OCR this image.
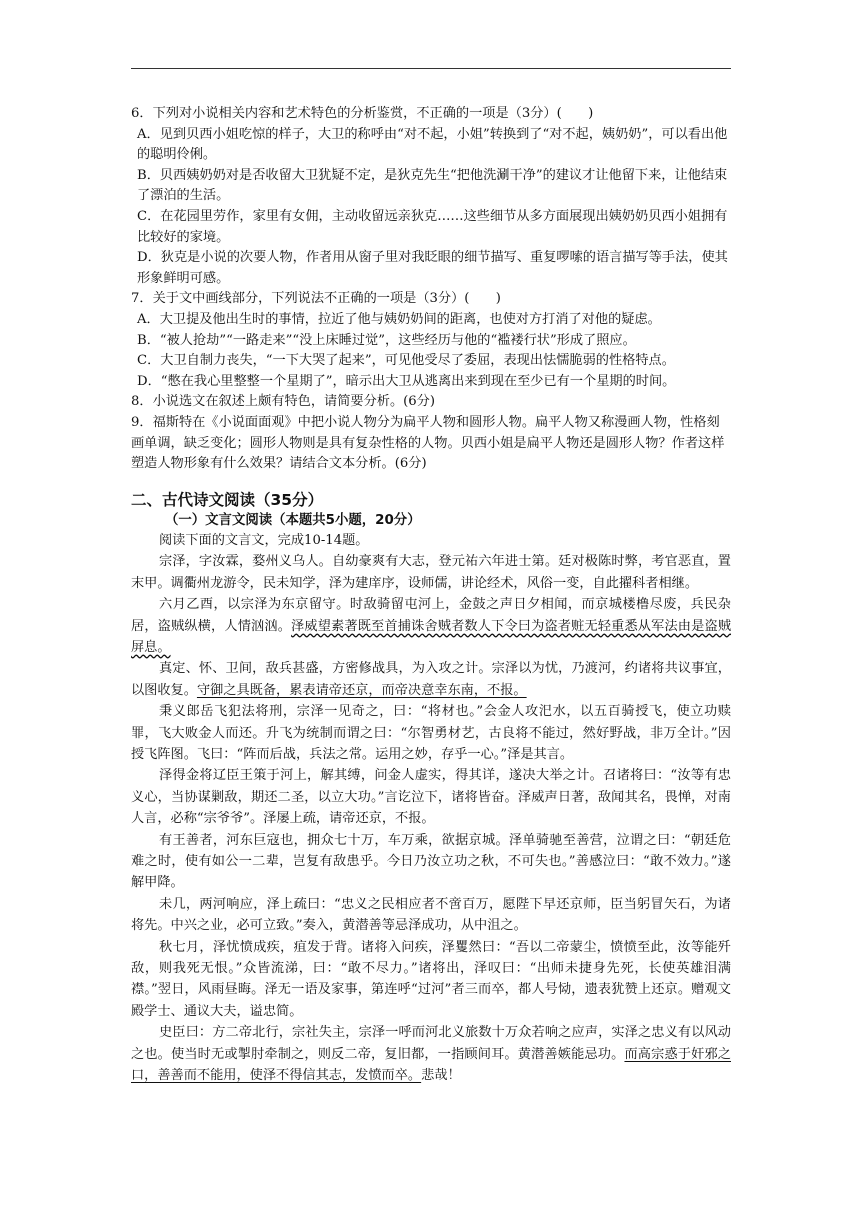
6．下列对小说相关内容和艺术特色的分析鉴赏，不正确的一项是（3分）(　　)

A．见到贝西小姐吃惊的样子，大卫的称呼由“对不起，小姐”转换到了“对不起，姨奶奶”，可以看出他的聪明伶俐。

B．贝西姨奶奶对是否收留大卫犹疑不定，是狄克先生“把他洗涮干净”的建议才让他留下来，让他结束了漂泊的生活。

C．在花园里劳作，家里有女佣，主动收留远亲狄克……这些细节从多方面展现出姨奶奶贝西小姐拥有比较好的家境。

D．狄克是小说的次要人物，作者用从窗子里对我眨眼的细节描写、重复啰嗦的语言描写等手法，使其形象鲜明可感。

7．关于文中画线部分，下列说法不正确的一项是（3分）(　　)

A．大卫提及他出生时的事情，拉近了他与姨奶奶间的距离，也使对方打消了对他的疑虑。

B．“被人抢劫”“一路走来”“没上床睡过觉”，这些经历与他的“褴褛行状”形成了照应。

C．大卫自制力丧失，“一下大哭了起来”，可见他受尽了委屈，表现出怯懦脆弱的性格特点。

D．“憋在我心里整整一个星期了”，暗示出大卫从逃离出来到现在至少已有一个星期的时间。

8．小说选文在叙述上颇有特色，请简要分析。(6分)

9．福斯特在《小说面面观》中把小说人物分为扁平人物和圆形人物。扁平人物又称漫画人物，性格刻画单调，缺乏变化；圆形人物则是具有复杂性格的人物。贝西小姐是扁平人物还是圆形人物？作者这样塑造人物形象有什么效果？请结合文本分析。(6分)

二、古代诗文阅读（35分）

（一）文言文阅读（本题共5小题，20分）

阅读下面的文言文，完成10-14题。

宗泽，字汝霖，婺州义乌人。自幼豪爽有大志，登元祐六年进士第。廷对极陈时弊，考官恶直，置末甲。调衢州龙游令，民未知学，泽为建庠序，设师儒，讲论经术，风俗一变，自此擢科者相继。

六月乙酉，以宗泽为东京留守。时敌骑留屯河上，金鼓之声日夕相闻，而京城楼橹尽废，兵民杂居，盗贼纵横，人情汹汹。泽威望素著既至首捕诛舍贼者数人下令曰为盗者赃无轻重悉从军法由是盗贼屏息。

真定、怀、卫间，敌兵甚盛，方密修战具，为入攻之计。宗泽以为忧，乃渡河，约诸将共议事宜，以图收复。守御之具既备，累表请帝还京，而帝决意幸东南，不报。

秉义郎岳飞犯法将刑，宗泽一见奇之，曰：“将材也。”会金人攻汜水，以五百骑授飞，使立功赎罪，飞大败金人而还。升飞为统制而谓之曰：“尔智勇材艺，古良将不能过，然好野战，非万全计。”因授飞阵图。飞曰：“阵而后战，兵法之常。运用之妙，存乎一心。”泽是其言。

泽得金将辽臣王策于河上，解其缚，问金人虚实，得其详，遂决大举之计。召诸将曰：“汝等有忠义心，当协谋剿敌，期还二圣，以立大功。”言讫泣下，诸将皆奋。泽威声日著，敌闻其名，畏惮，对南人言，必称“宗爷爷”。泽屡上疏，请帝还京，不报。

有王善者，河东巨寇也，拥众七十万，车万乘，欲据京城。泽单骑驰至善营，泣谓之曰：“朝廷危难之时，使有如公一二辈，岂复有敌患乎。今日乃汝立功之秋，不可失也。”善感泣曰：“敢不效力。”遂解甲降。

未几，两河响应，泽上疏曰：“忠义之民相应者不啻百万，愿陛下早还京师，臣当躬冒矢石，为诸将先。中兴之业，必可立致。”奏入，黄潜善等忌泽成功，从中沮之。

秋七月，泽忧愤成疾，疽发于背。诸将入问疾，泽矍然曰：“吾以二帝蒙尘，愤愤至此，汝等能歼敌，则我死无恨。”众皆流涕，曰：“敢不尽力。”诸将出，泽叹曰：“出师未捷身先死，长使英雄泪满襟。”翌日，风雨昼晦。泽无一语及家事，第连呼“过河”者三而卒，都人号恸，遗表犹赞上还京。赠观文殿学士、通议大夫，谥忠简。

史臣曰：方二帝北行，宗社失主，宗泽一呼而河北义旅数十万众若响之应声，实泽之忠义有以风动之也。使当时无或掣肘牵制之，则反二帝，复旧都，一指顾间耳。黄潜善嫉能忌功。而高宗惑于奸邪之口，善善而不能用，使泽不得信其志，发愤而卒。悲哉！
